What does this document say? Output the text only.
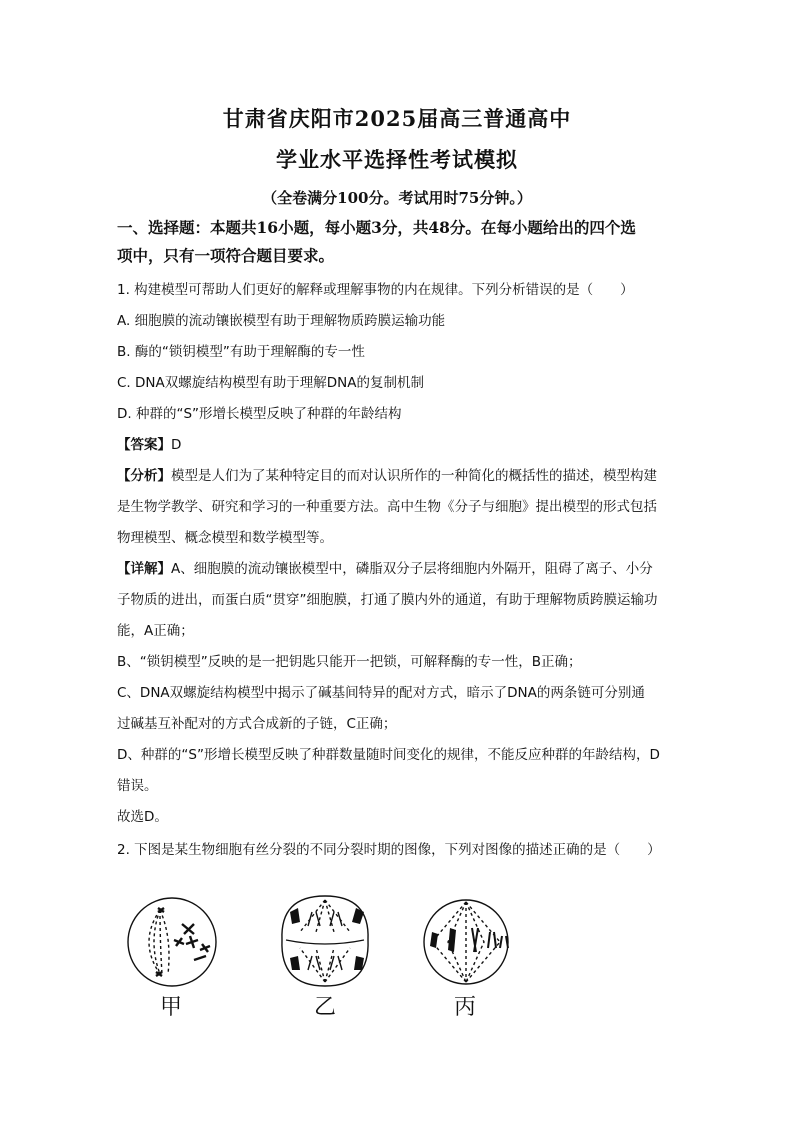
甘肃省庆阳市2025届高三普通高中
学业水平选择性考试模拟
（全卷满分100分。考试用时75分钟。）
一、选择题：本题共16小题，每小题3分，共48分。在每小题给出的四个选
项中，只有一项符合题目要求。
1. 构建模型可帮助人们更好的解释或理解事物的内在规律。下列分析错误的是（　　）
A. 细胞膜的流动镶嵌模型有助于理解物质跨膜运输功能
B. 酶的“锁钥模型”有助于理解酶的专一性
C. DNA双螺旋结构模型有助于理解DNA的复制机制
D. 种群的“S”形增长模型反映了种群的年龄结构
【答案】D
【分析】模型是人们为了某种特定目的而对认识所作的一种简化的概括性的描述，模型构建
是生物学教学、研究和学习的一种重要方法。高中生物《分子与细胞》提出模型的形式包括
物理模型、概念模型和数学模型等。
【详解】A、细胞膜的流动镶嵌模型中，磷脂双分子层将细胞内外隔开，阻碍了离子、小分
子物质的进出，而蛋白质“贯穿”细胞膜，打通了膜内外的通道，有助于理解物质跨膜运输功
能，A正确；
B、“锁钥模型”反映的是一把钥匙只能开一把锁，可解释酶的专一性，B正确；
C、DNA双螺旋结构模型中揭示了碱基间特异的配对方式，暗示了DNA的两条链可分别通
过碱基互补配对的方式合成新的子链，C正确；
D、种群的“S”形增长模型反映了种群数量随时间变化的规律，不能反应种群的年龄结构，D
错误。
故选D。
2. 下图是某生物细胞有丝分裂的不同分裂时期的图像，下列对图像的描述正确的是（　　）
甲	乙	丙
